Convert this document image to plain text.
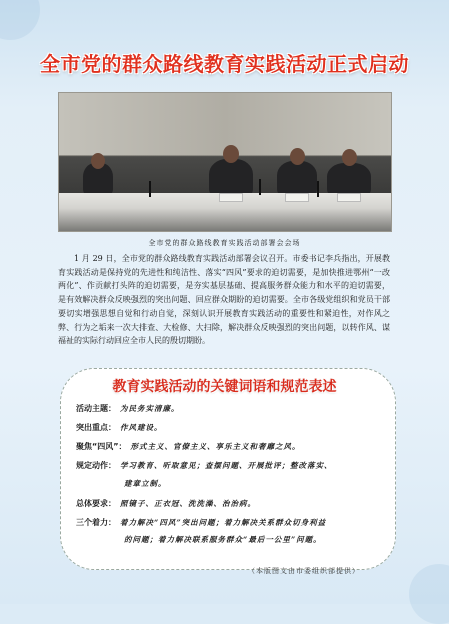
全市党的群众路线教育实践活动正式启动
全市党的群众路线教育实践活动部署会会场
1 月 29 日，全市党的群众路线教育实践活动部署会议召开。市委书记李兵指出，开展教育实践活动是保持党的先进性和纯洁性、落实“四风”要求的迫切需要，是加快推进鄂州“一改两化”、作贡献打头阵的迫切需要，是夯实基层基础、提高服务群众能力和水平的迫切需要，是有效解决群众反映强烈的突出问题、回应群众期盼的迫切需要。全市各级党组织和党员干部要切实增强思想自觉和行动自觉，深刻认识开展教育实践活动的重要性和紧迫性，对作风之弊、行为之垢来一次大排查、大检修、大扫除，解决群众反映强烈的突出问题，以转作风、谋福祉的实际行动回应全市人民的殷切期盼。
教育实践活动的关键词语和规范表述
活动主题： 为民务实清廉。
突出重点： 作风建设。
聚焦“四风”： 形式主义、官僚主义、享乐主义和奢靡之风。
规定动作： 学习教育、听取意见；查摆问题、开展批评；整改落实、
建章立制。
总体要求： 照镜子、正衣冠、洗洗澡、治治病。
三个着力： 着力解决“四风”突出问题；着力解决关系群众切身利益
的问题；着力解决联系服务群众“最后一公里”问题。
（本版图文由市委组织部提供）
